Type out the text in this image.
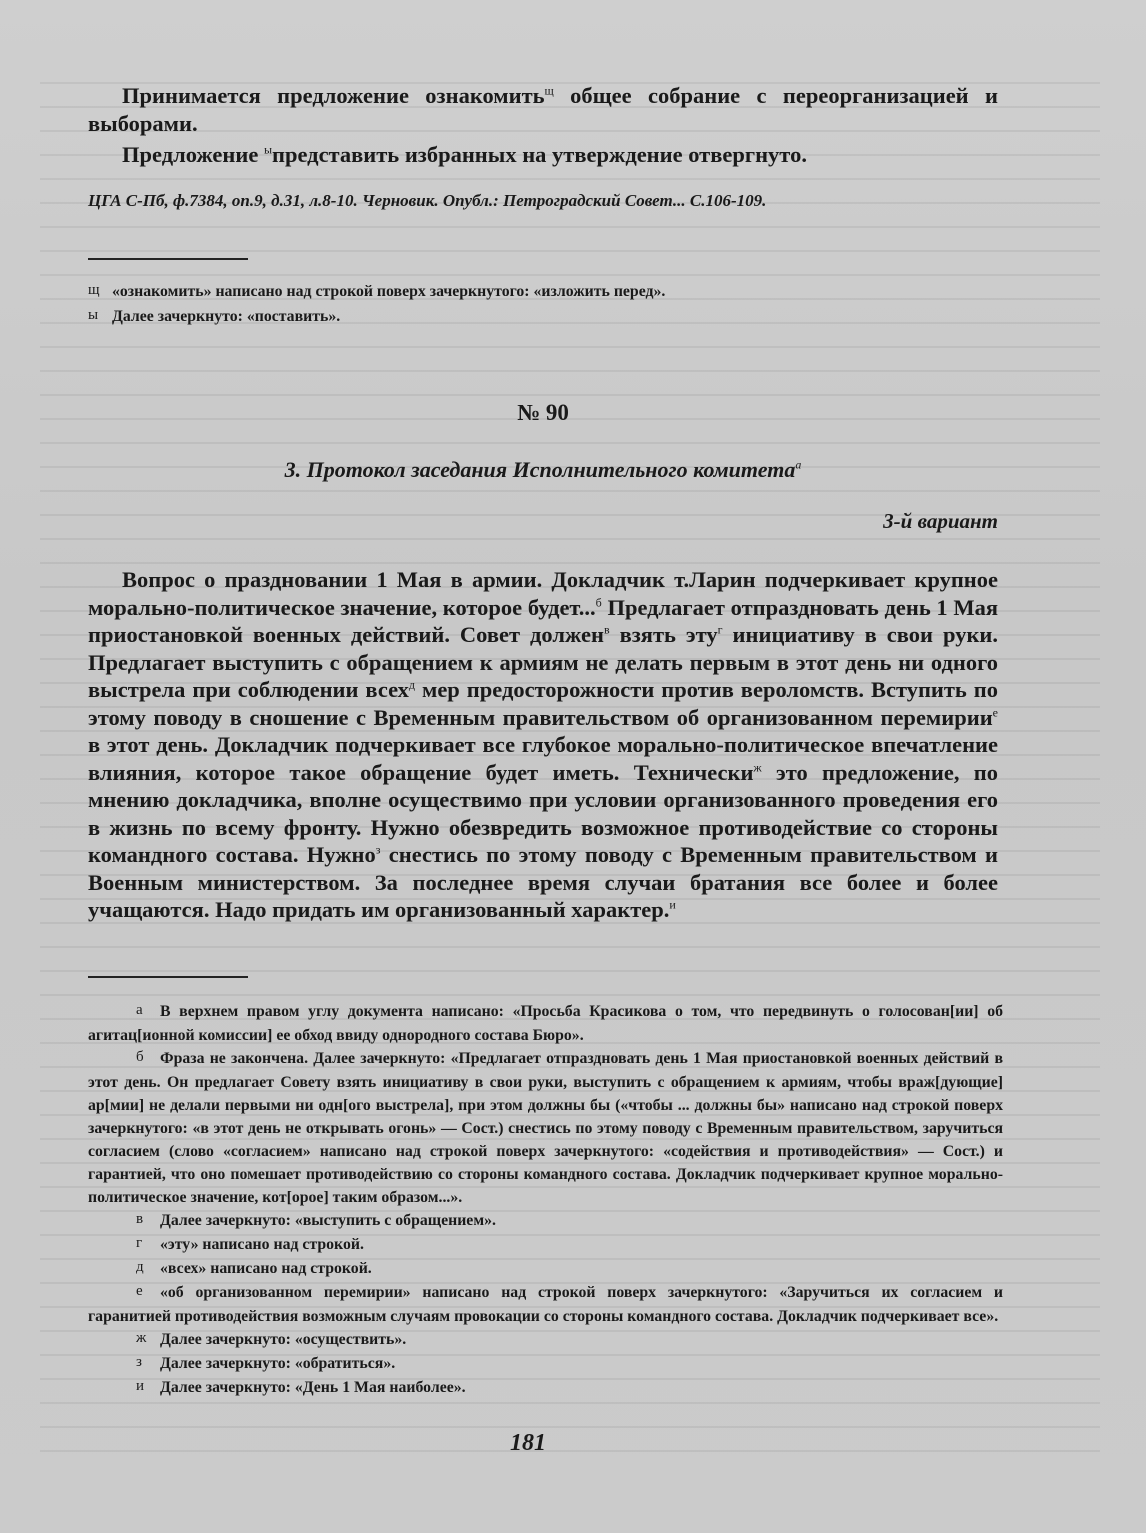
Принимается предложение ознакомить$^щ$ общее собрание с переорганизацией и выборами.

Предложение $^ы$представить избранных на утверждение отвергнуто.

ЦГА С-Пб, ф.7384, оп.9, д.31, л.8-10. Черновик. Опубл.: Петроградский Совет... С.106-109.

щ «ознакомить» написано над строкой поверх зачеркнутого: «изложить перед».

ы Далее зачеркнуто: «поставить».

№ 90

3. Протокол заседания Исполнительного комитета$^а$

3-й вариант

Вопрос о праздновании 1 Мая в армии. Докладчик т.Ларин подчеркивает крупное морально-политическое значение, которое будет...$^б$ Предлагает отпраздновать день 1 Мая приостановкой военных действий. Совет должен$^в$ взять эту$^г$ инициативу в свои руки. Предлагает выступить с обращением к армиям не делать первым в этот день ни одного выстрела при соблюдении всех$^д$ мер предосторожности против вероломств. Вступить по этому поводу в сношение с Временным правительством об организованном перемирии$^е$ в этот день. Докладчик подчеркивает все глубокое морально-политическое впечатление влияния, которое такое обращение будет иметь. Технически$^ж$ это предложение, по мнению докладчика, вполне осуществимо при условии организованного проведения его в жизнь по всему фронту. Нужно обезвредить возможное противодействие со стороны командного состава. Нужно$^з$ снестись по этому поводу с Временным правительством и Военным министерством. За последнее время случаи братания все более и более учащаются. Надо придать им организованный характер.$^и$

а В верхнем правом углу документа написано: «Просьба Красикова о том, что передвинуть о голосован[ии] об агитац[ионной комиссии] ее обход ввиду однородного состава Бюро».

б Фраза не закончена. Далее зачеркнуто: «Предлагает отпраздновать день 1 Мая приостановкой военных действий в этот день. Он предлагает Совету взять инициативу в свои руки, выступить с обращением к армиям, чтобы враж[дующие] ар[мии] не делали первыми ни одн[ого выстрела], при этом должны бы («чтобы ... должны бы» написано над строкой поверх зачеркнутого: «в этот день не открывать огонь» — Сост.) снестись по этому поводу с Временным правительством, заручиться согласием (слово «согласием» написано над строкой поверх зачеркнутого: «содействия и противодействия» — Сост.) и гарантией, что оно помешает противодействию со стороны командного состава. Докладчик подчеркивает крупное морально-политическое значение, кот[орое] таким образом...».

в Далее зачеркнуто: «выступить с обращением».

г «эту» написано над строкой.

д «всех» написано над строкой.

е «об организованном перемирии» написано над строкой поверх зачеркнутого: «Заручиться их согласием и гаранитией противодействия возможным случаям провокации со стороны командного состава. Докладчик подчеркивает все».

ж Далее зачеркнуто: «осуществить».

з Далее зачеркнуто: «обратиться».

и Далее зачеркнуто: «День 1 Мая наиболее».

181
